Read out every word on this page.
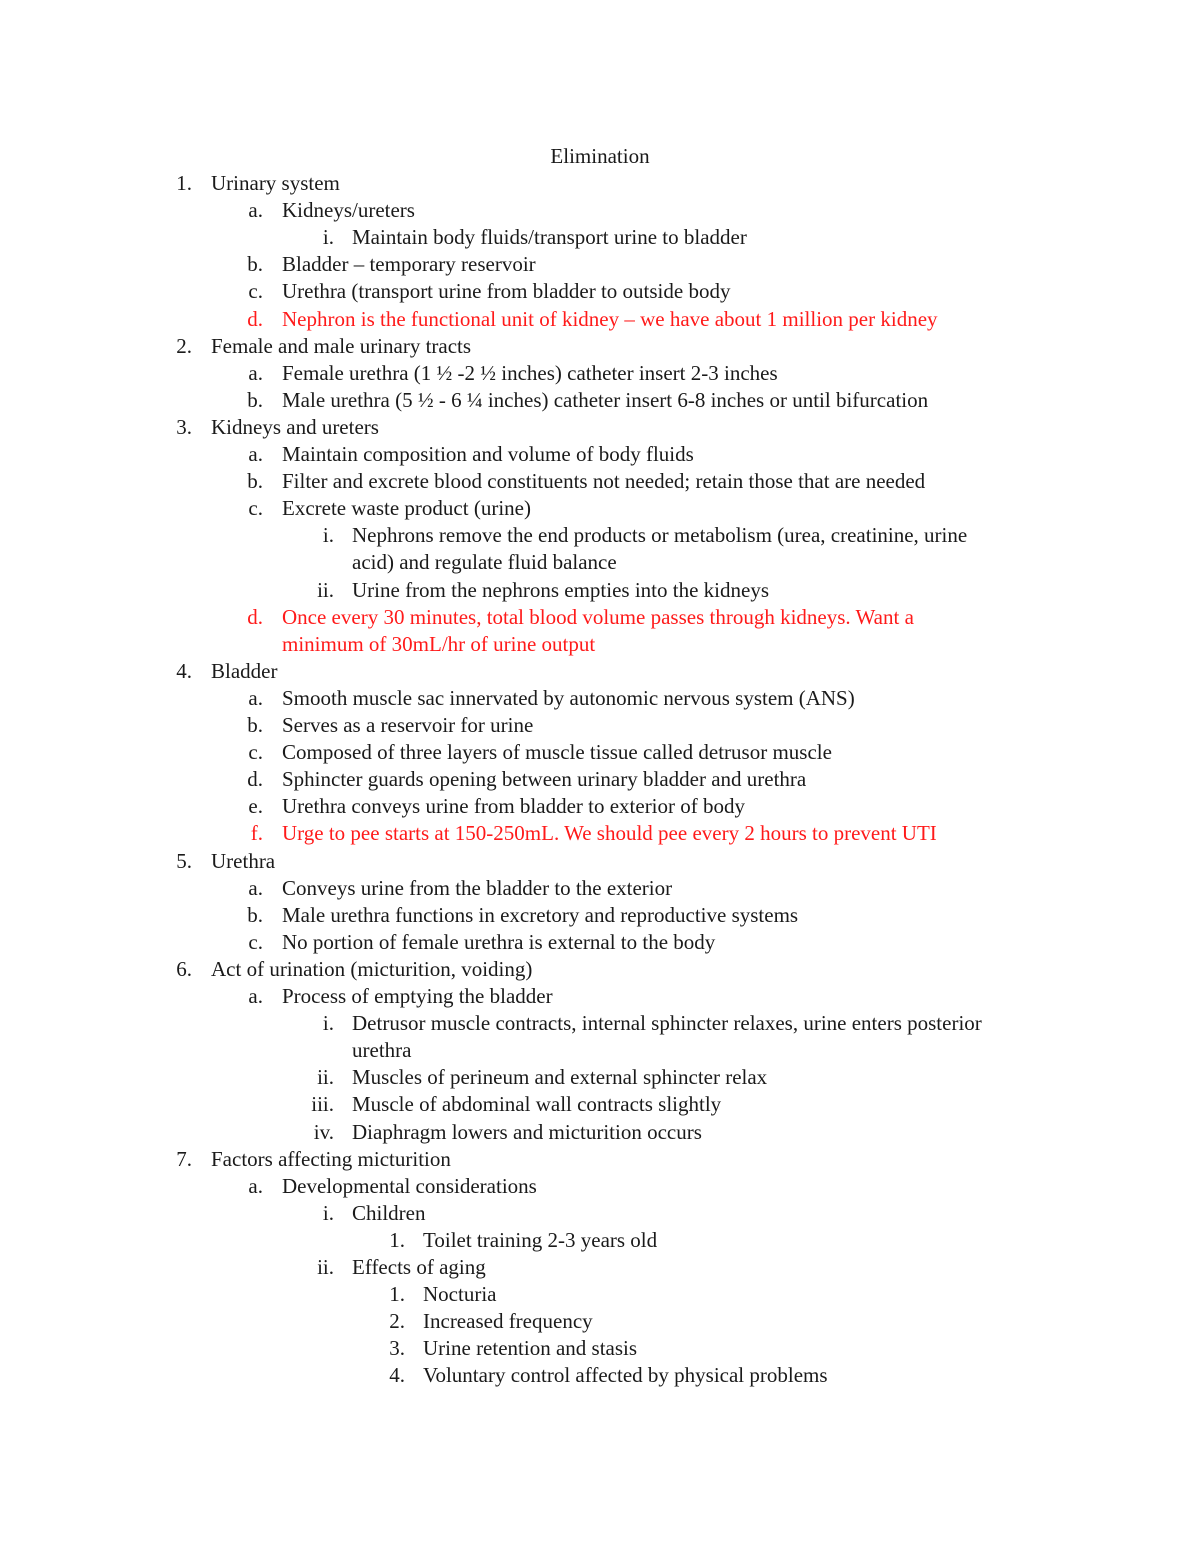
Elimination
1. Urinary system
a. Kidneys/ureters
i. Maintain body fluids/transport urine to bladder
b. Bladder – temporary reservoir
c. Urethra (transport urine from bladder to outside body
d. Nephron is the functional unit of kidney – we have about 1 million per kidney
2. Female and male urinary tracts
a. Female urethra (1 ½ -2 ½ inches) catheter insert 2-3 inches
b. Male urethra (5 ½ - 6 ¼ inches) catheter insert 6-8 inches or until bifurcation
3. Kidneys and ureters
a. Maintain composition and volume of body fluids
b. Filter and excrete blood constituents not needed; retain those that are needed
c. Excrete waste product (urine)
i. Nephrons remove the end products or metabolism (urea, creatinine, urine
acid) and regulate fluid balance
ii. Urine from the nephrons empties into the kidneys
d. Once every 30 minutes, total blood volume passes through kidneys. Want a
minimum of 30mL/hr of urine output
4. Bladder
a. Smooth muscle sac innervated by autonomic nervous system (ANS)
b. Serves as a reservoir for urine
c. Composed of three layers of muscle tissue called detrusor muscle
d. Sphincter guards opening between urinary bladder and urethra
e. Urethra conveys urine from bladder to exterior of body
f. Urge to pee starts at 150-250mL. We should pee every 2 hours to prevent UTI
5. Urethra
a. Conveys urine from the bladder to the exterior
b. Male urethra functions in excretory and reproductive systems
c. No portion of female urethra is external to the body
6. Act of urination (micturition, voiding)
a. Process of emptying the bladder
i. Detrusor muscle contracts, internal sphincter relaxes, urine enters posterior
urethra
ii. Muscles of perineum and external sphincter relax
iii. Muscle of abdominal wall contracts slightly
iv. Diaphragm lowers and micturition occurs
7. Factors affecting micturition
a. Developmental considerations
i. Children
1. Toilet training 2-3 years old
ii. Effects of aging
1. Nocturia
2. Increased frequency
3. Urine retention and stasis
4. Voluntary control affected by physical problems
